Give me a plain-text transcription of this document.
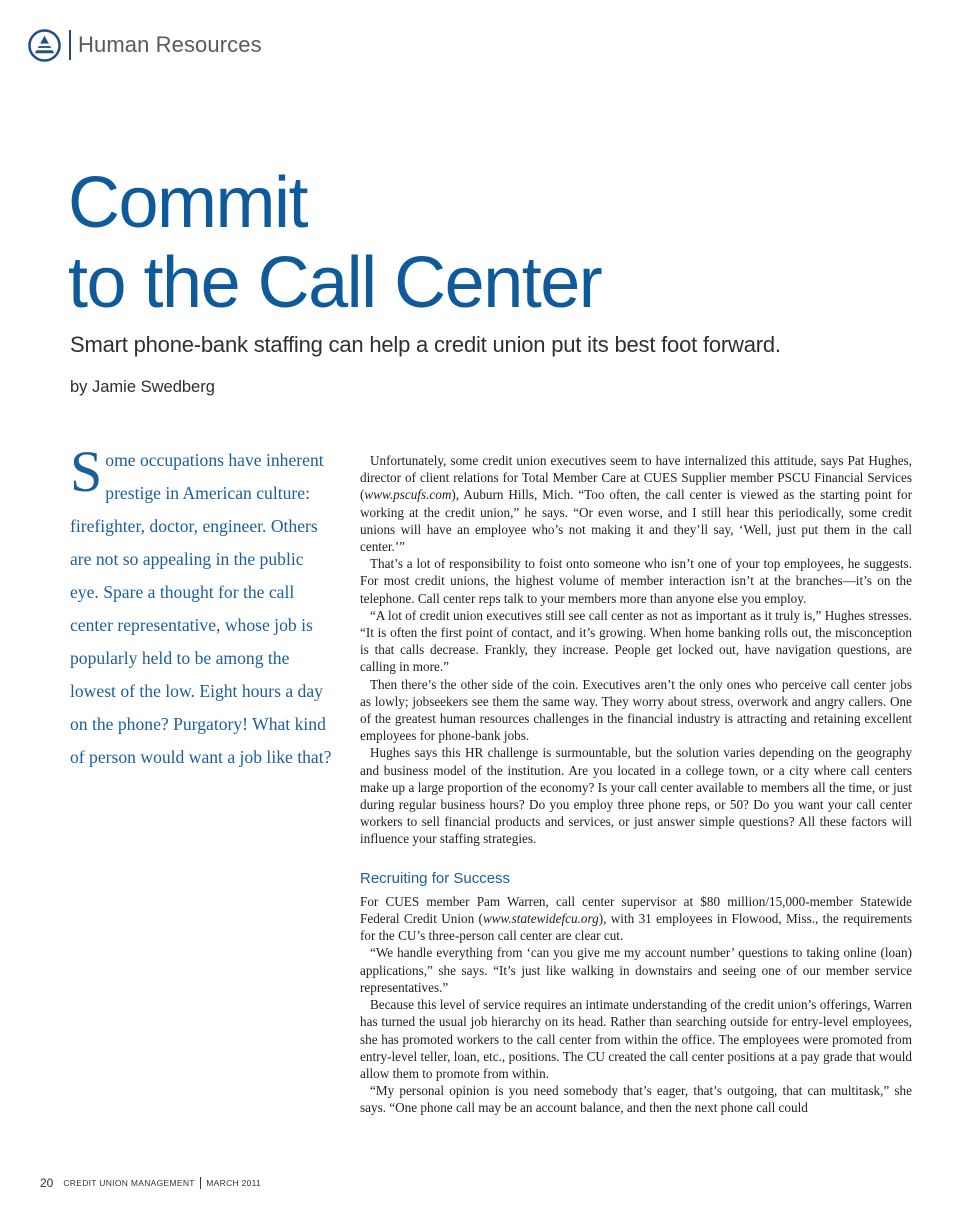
Human Resources
Commit
to the Call Center
Smart phone-bank staffing can help a credit union put its best foot forward.

by Jamie Swedberg

Some occupations have inherent prestige in American culture: firefighter, doctor, engineer. Others are not so appealing in the public eye. Spare a thought for the call center representative, whose job is popularly held to be among the lowest of the low. Eight hours a day on the phone? Purgatory! What kind of person would want a job like that?

Unfortunately, some credit union executives seem to have internalized this attitude, says Pat Hughes, director of client relations for Total Member Care at CUES Supplier member PSCU Financial Services (www.pscufs.com), Auburn Hills, Mich. “Too often, the call center is viewed as the starting point for working at the credit union,” he says. “Or even worse, and I still hear this periodically, some credit unions will have an employee who’s not making it and they’ll say, ‘Well, just put them in the call center.’”

That’s a lot of responsibility to foist onto someone who isn’t one of your top employees, he suggests. For most credit unions, the highest volume of member interaction isn’t at the branches—it’s on the telephone. Call center reps talk to your members more than anyone else you employ.

“A lot of credit union executives still see call center as not as important as it truly is,” Hughes stresses. “It is often the first point of contact, and it’s growing. When home banking rolls out, the misconception is that calls decrease. Frankly, they increase. People get locked out, have navigation questions, are calling in more.”

Then there’s the other side of the coin. Executives aren’t the only ones who perceive call center jobs as lowly; jobseekers see them the same way. They worry about stress, overwork and angry callers. One of the greatest human resources challenges in the financial industry is attracting and retaining excellent employees for phone-bank jobs.

Hughes says this HR challenge is surmountable, but the solution varies depending on the geography and business model of the institution. Are you located in a college town, or a city where call centers make up a large proportion of the economy? Is your call center available to members all the time, or just during regular business hours? Do you employ three phone reps, or 50? Do you want your call center workers to sell financial products and services, or just answer simple questions? All these factors will influence your staffing strategies.

Recruiting for Success

For CUES member Pam Warren, call center supervisor at $80 million/15,000-member Statewide Federal Credit Union (www.statewidefcu.org), with 31 employees in Flowood, Miss., the requirements for the CU’s three-person call center are clear cut.

“We handle everything from ‘can you give me my account number’ questions to taking online (loan) applications,” she says. “It’s just like walking in downstairs and seeing one of our member service representatives.”

Because this level of service requires an intimate understanding of the credit union’s offerings, Warren has turned the usual job hierarchy on its head. Rather than searching outside for entry-level employees, she has promoted workers to the call center from within the office. The employees were promoted from entry-level teller, loan, etc., positions. The CU created the call center positions at a pay grade that would allow them to promote from within.

“My personal opinion is you need somebody that’s eager, that’s outgoing, that can multitask,” she says. “One phone call may be an account balance, and then the next phone call could

20 CREDIT UNION MANAGEMENT MARCH 2011
